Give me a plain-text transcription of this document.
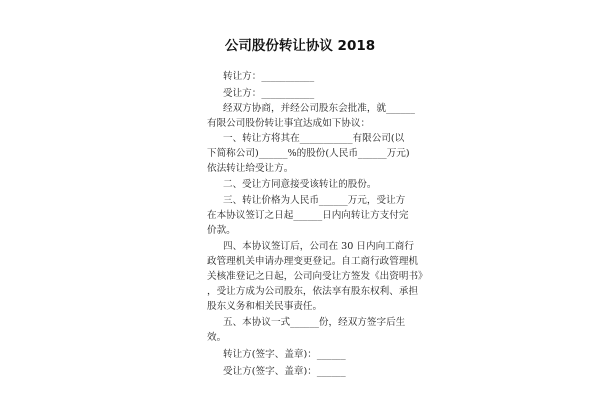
公司股份转让协议 2018
转让方：___________
受让方：___________
经双方协商，并经公司股东会批准，就______
有限公司股份转让事宜达成如下协议：
一、转让方将其在___________有限公司(以
下简称公司)______%的股份(人民币______万元)
依法转让给受让方。
二、受让方同意接受该转让的股份。
三、转让价格为人民币______万元，受让方
在本协议签订之日起______日内向转让方支付完
价款。
四、本协议签订后，公司在 30 日内向工商行
政管理机关申请办理变更登记。自工商行政管理机
关核准登记之日起，公司向受让方签发《出资明书》
，受让方成为公司股东，依法享有股东权利、承担
股东义务和相关民事责任。
五、本协议一式______份，经双方签字后生
效。
转让方(签字、盖章)：______
受让方(签字、盖章)：______
